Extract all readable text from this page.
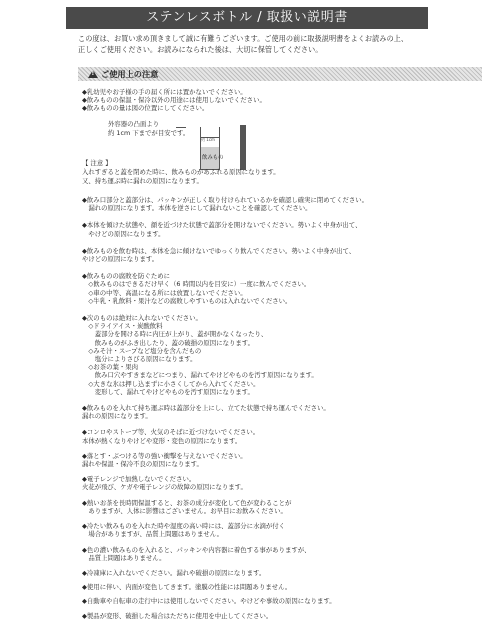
ステンレスボトル / 取扱い説明書

この度は、お買い求め頂きまして誠に有難うございます。ご使用の前に取扱説明書をよくお読みの上、

正しくご使用ください。お読みになられた後は、大切に保管してください。

!ご使用上の注意

◆乳幼児やお子様の手の届く所には置かないでください。

◆飲みものの保温・保冷以外の用途には使用しないでください。

◆飲みものの量は図の位置にしてください。

外容器の凸面より

約 1cm 下までが目安です。

約 1cm
飲みもの

【 注意 】

入れすぎると蓋を閉めた時に、飲みものがあふれる原因になります。

又、持ち運ぶ時に漏れの原因になります。

◆飲み口部分と蓋部分は、パッキンが正しく取り付けられているかを確認し確実に閉めてください。

　漏れの原因になります。本体を逆さにして漏れないことを確認してください。

◆本体を傾けた状態や、顔を近づけた状態で蓋部分を開けないでください。勢いよく中身が出て、

　やけどの原因になります。

◆飲みものを飲む時は、本体を急に傾けないでゆっくり飲んでください。勢いよく中身が出て、

やけどの原因になります。

◆飲みものの腐敗を防ぐために

　◇飲みものはできるだけ早く（6 時間以内を目安に）一度に飲んでください。

　◇車の中等、高温になる所には放置しないでください。

　◇牛乳・乳飲料・果汁などの腐敗しやすいものは入れないでください。

◆次のものは絶対に入れないでください。

　◇ドライアイス・炭酸飲料

　　蓋部分を開ける時に内圧が上がり、蓋が開かなくなったり、

　　飲みものがふき出したり、蓋の破損の原因になります。

　◇みそ汁・スープなど塩分を含んだもの

　　塩分によりさびる原因になります。

　◇お茶の葉・果肉

　　飲み口穴やすきまなどにつまり、漏れてやけどやものを汚す原因になります。

　◇大きな氷は押し込まずに小さくしてから入れてください。

　　変形して、漏れてやけどやものを汚す原因になります。

◆飲みものを入れて持ち運ぶ時は蓋部分を上にし、立てた状態で持ち運んでください。

漏れの原因になります。

◆コンロやストーブ等、火気のそばに近づけないでください。

本体が熱くなりやけどや変形・変色の原因になります。

◆落とす・ぶつける等の強い衝撃を与えないでください。

漏れや保温・保冷不良の原因になります。

◆電子レンジで加熱しないでください。

火花が飛び、ケガや電子レンジの故障の原因になります。

◆熱いお茶を長時間保温すると、お茶の成分が変化して色が変わることが

　ありますが、人体に影響はございません。お早目にお飲みください。

◆冷たい飲みものを入れた時や湿度の高い時には、蓋部分に水滴が付く

　場合がありますが、品質上問題はありません。

◆色の濃い飲みものを入れると、パッキンや内容器に着色する事がありますが、

　品質上問題はありません。

◆冷凍庫に入れないでください。漏れや破損の原因になります。

◆使用に伴い、内面が変色してきます。塗膜の性能には問題ありません。

◆自動車や自転車の走行中には使用しないでください。やけどや事故の原因になります。

◆製品が変形、破損した場合はただちに使用を中止してください。
